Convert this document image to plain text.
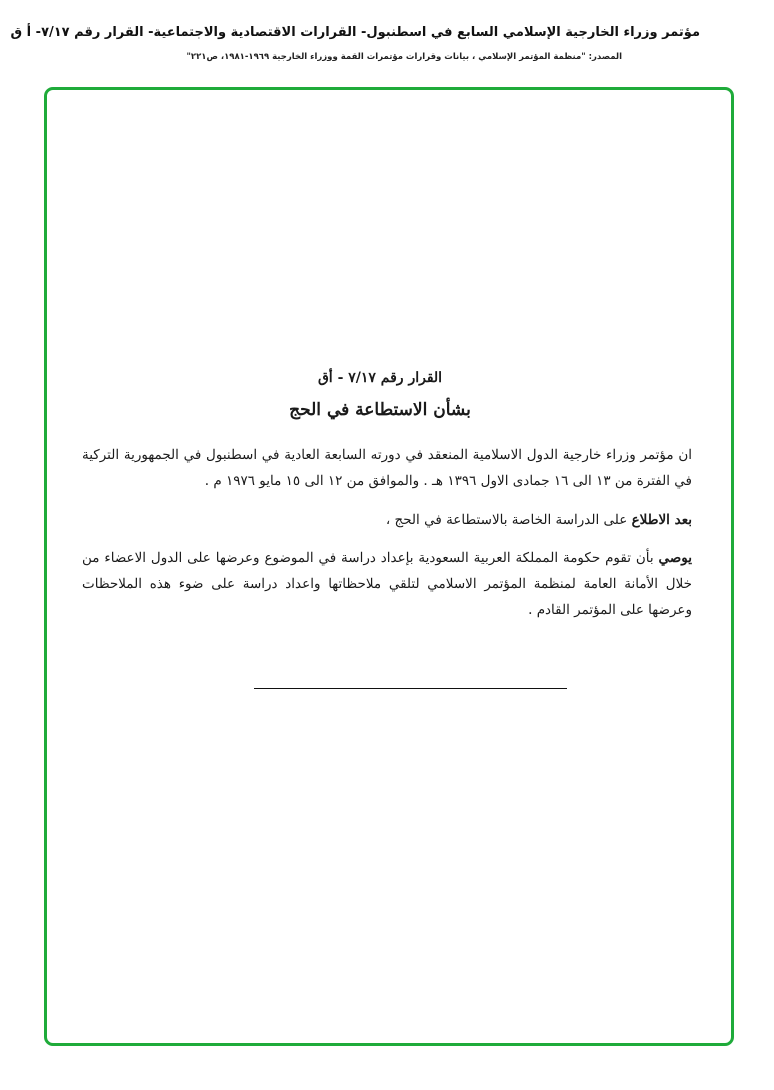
مؤتمر وزراء الخارجية الإسلامي السابع في اسطنبول- القرارات الاقتصادية والاجتماعية- القرار رقم ٧/١٧- أ ق
المصدر: "منظمة المؤتمر الإسلامي ، بيانات وقرارات مؤتمرات القمة ووزراء الخارجية ١٩٦٩-١٩٨١، ص٢٢١"
القرار رقم ٧/١٧ - أق
بشأن الاستطاعة في الحج
ان مؤتمر وزراء خارجية الدول الاسلامية المنعقد في دورته السابعة العادية في اسطنبول في الجمهورية التركية في الفترة من ١٣ الى ١٦ جمادى الاول ١٣٩٦ هـ . والموافق من ١٢ الى ١٥ مايو ١٩٧٦ م .
بعد الاطلاع على الدراسة الخاصة بالاستطاعة في الحج ،
يوصي بأن تقوم حكومة المملكة العربية السعودية بإعداد دراسة في الموضوع وعرضها على الدول الاعضاء من خلال الأمانة العامة لمنظمة المؤتمر الاسلامي لتلقي ملاحظاتها واعداد دراسة على ضوء هذه الملاحظات وعرضها على المؤتمر القادم .
